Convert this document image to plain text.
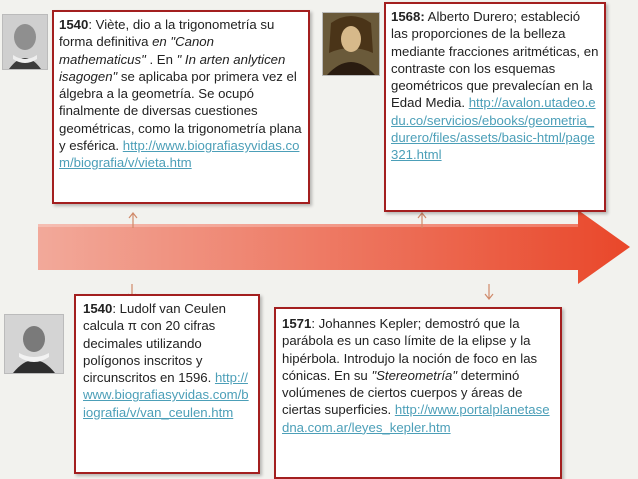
1540: Viète, dio a la trigonometría su forma definitiva en "Canon mathematicus" . En " In arten anlyticen isagogen" se aplicaba por primera vez el álgebra a la geometría. Se ocupó finalmente de diversas cuestiones geométricas, como la trigonometría plana y esférica. http://www.biografiasyvidas.com/biografia/v/vieta.htm

1568: Alberto Durero; estableció las proporciones de la belleza mediante fracciones aritméticas, en contraste con los esquemas geométricos que prevalecían en la Edad Media. http://avalon.utadeo.edu.co/servicios/ebooks/geometria_durero/files/assets/basic-html/page321.html

1540: Ludolf van Ceulen calcula π con 20 cifras decimales utilizando polígonos inscritos y circunscritos en 1596. http://www.biografiasyvidas.com/biografia/v/van_ceulen.htm

1571: Johannes Kepler; demostró que la parábola es un caso límite de la elipse y la hipérbola. Introdujo la noción de foco en las cónicas. En su "Stereometría" determinó volúmenes de ciertos cuerpos y áreas de ciertas superficies. http://www.portalplanetasedna.com.ar/leyes_kepler.htm
